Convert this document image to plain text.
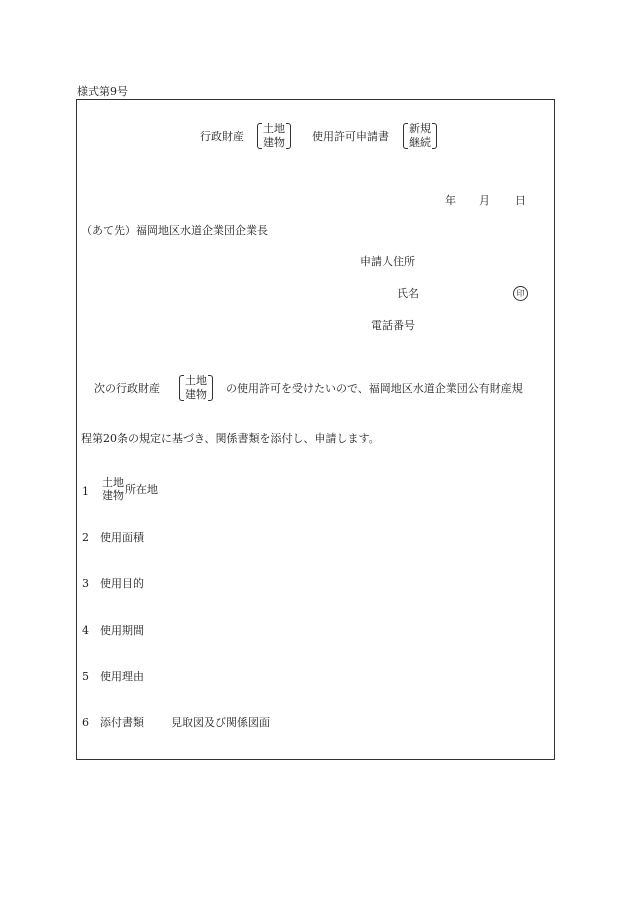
様式第9号
行政財産
土地
建物 使用許可申請書
新規
継続
年 月 日
（あて先）福岡地区水道企業団企業長
申請人住所
氏名	印
電話番号
次の行政財産
土地
建物 の使用許可を受けたいので、福岡地区水道企業団公有財産規
程第20条の規定に基づき、関係書類を添付し、申請します。
1
土地
建物 所在地
2 使用面積
3 使用目的
4 使用期間
5 使用理由
6 添付書類 見取図及び関係図面
